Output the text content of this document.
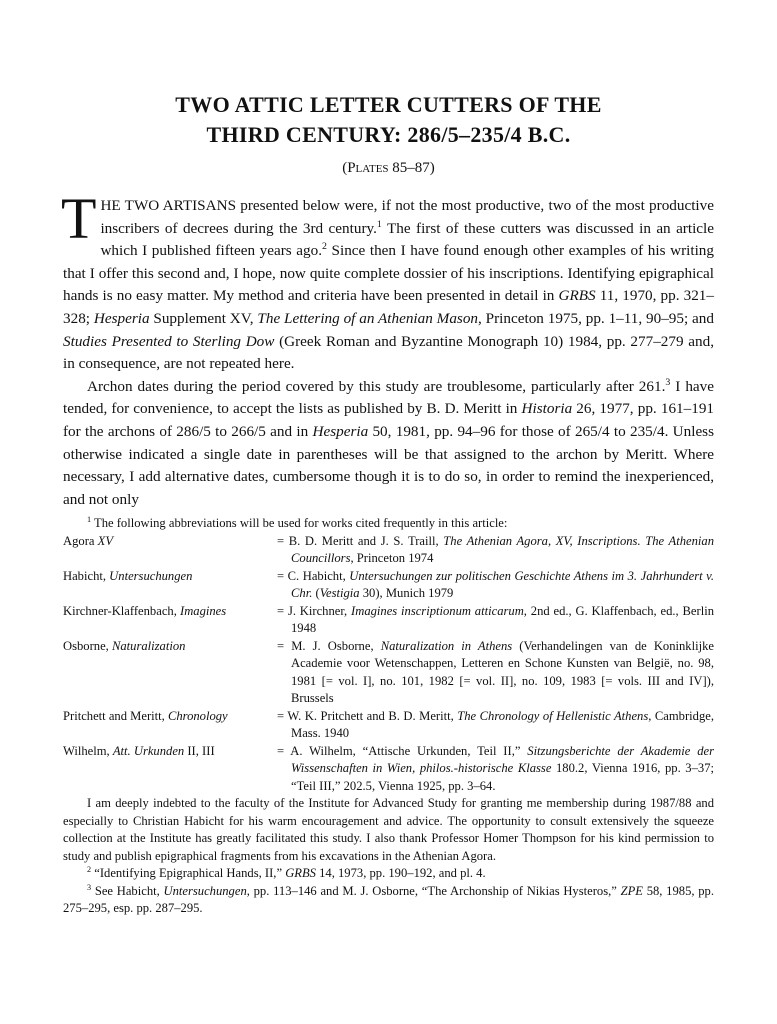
TWO ATTIC LETTER CUTTERS OF THE
THIRD CENTURY: 286/5–235/4 B.C.
(Plates 85–87)

THE TWO ARTISANS presented below were, if not the most productive, two of the most productive inscribers of decrees during the 3rd century.$^1$ The first of these cutters was discussed in an article which I published fifteen years ago.$^2$ Since then I have found enough other examples of his writing that I offer this second and, I hope, now quite complete dossier of his inscriptions. Identifying epigraphical hands is no easy matter. My method and criteria have been presented in detail in GRBS 11, 1970, pp. 321–328; Hesperia Supplement XV, The Lettering of an Athenian Mason, Princeton 1975, pp. 1–11, 90–95; and Studies Presented to Sterling Dow (Greek Roman and Byzantine Monograph 10) 1984, pp. 277–279 and, in consequence, are not repeated here.

Archon dates during the period covered by this study are troublesome, particularly after 261.$^3$ I have tended, for convenience, to accept the lists as published by B. D. Meritt in Historia 26, 1977, pp. 161–191 for the archons of 286/5 to 266/5 and in Hesperia 50, 1981, pp. 94–96 for those of 265/4 to 235/4. Unless otherwise indicated a single date in parentheses will be that assigned to the archon by Meritt. Where necessary, I add alternative dates, cumbersome though it is to do so, in order to remind the inexperienced, and not only

$^1$ The following abbreviations will be used for works cited frequently in this article:
Agora XV	= B. D. Meritt and J. S. Traill, The Athenian Agora, XV, Inscriptions. The Athenian Councillors, Princeton 1974
Habicht, Untersuchungen	= C. Habicht, Untersuchungen zur politischen Geschichte Athens im 3. Jahrhundert v. Chr. (Vestigia 30), Munich 1979
Kirchner-Klaffenbach, Imagines	= J. Kirchner, Imagines inscriptionum atticarum, 2nd ed., G. Klaffenbach, ed., Berlin 1948
Osborne, Naturalization	= M. J. Osborne, Naturalization in Athens (Verhandelingen van de Koninklijke Academie voor Wetenschappen, Letteren en Schone Kunsten van België, no. 98, 1981 [= vol. I], no. 101, 1982 [= vol. II], no. 109, 1983 [= vols. III and IV]), Brussels
Pritchett and Meritt, Chronology	= W. K. Pritchett and B. D. Meritt, The Chronology of Hellenistic Athens, Cambridge, Mass. 1940
Wilhelm, Att. Urkunden II, III	= A. Wilhelm, “Attische Urkunden, Teil II,” Sitzungsberichte der Akademie der Wissenschaften in Wien, philos.-historische Klasse 180.2, Vienna 1916, pp. 3–37; “Teil III,” 202.5, Vienna 1925, pp. 3–64.

I am deeply indebted to the faculty of the Institute for Advanced Study for granting me membership during 1987/88 and especially to Christian Habicht for his warm encouragement and advice. The opportunity to consult extensively the squeeze collection at the Institute has greatly facilitated this study. I also thank Professor Homer Thompson for his kind permission to study and publish epigraphical fragments from his excavations in the Athenian Agora.

$^2$ “Identifying Epigraphical Hands, II,” GRBS 14, 1973, pp. 190–192, and pl. 4.

$^3$ See Habicht, Untersuchungen, pp. 113–146 and M. J. Osborne, “The Archonship of Nikias Hysteros,” ZPE 58, 1985, pp. 275–295, esp. pp. 287–295.
